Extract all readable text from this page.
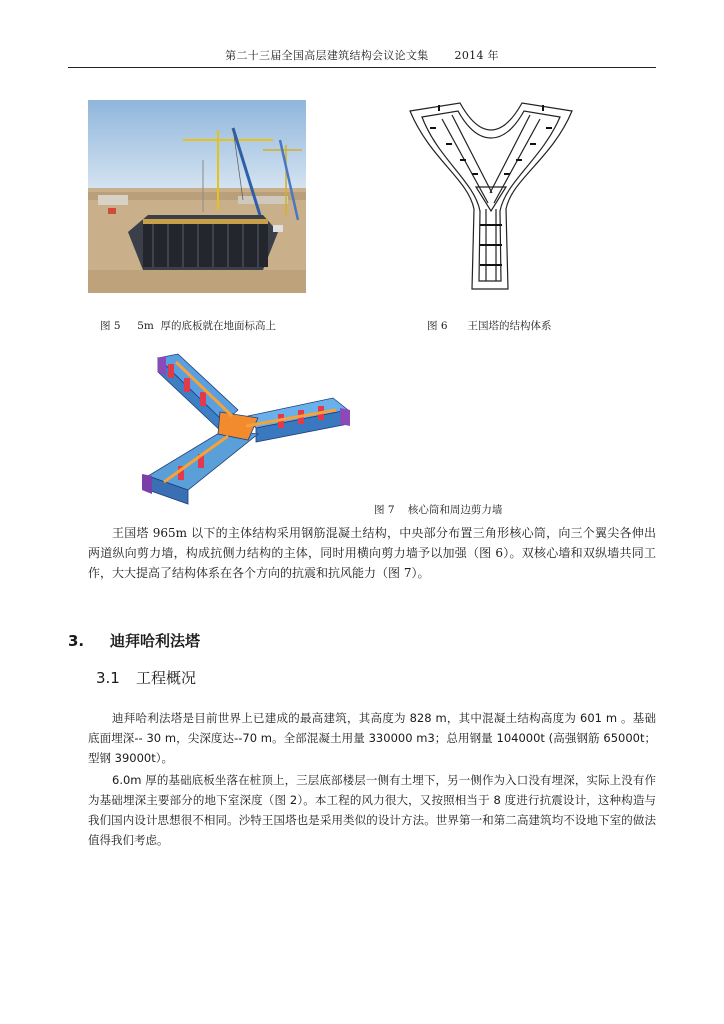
第二十三届全国高层建筑结构会议论文集 2014 年
图 5     5m  厚的底板就在地面标高上	图 6      王国塔的结构体系
图 7    核心筒和周边剪力墙

王国塔 965m 以下的主体结构采用钢筋混凝土结构，中央部分布置三角形核心筒，向三个翼尖各伸出两道纵向剪力墙，构成抗侧力结构的主体，同时用横向剪力墙予以加强（图 6）。双核心墙和双纵墙共同工作，大大提高了结构体系在各个方向的抗震和抗风能力（图 7）。

3. 迪拜哈利法塔
3.1 工程概况

迪拜哈利法塔是目前世界上已建成的最高建筑，其高度为 828 m，其中混凝土结构高度为 601 m 。基础底面埋深-- 30 m，尖深度达--70 m。全部混凝土用量 330000 m3；总用钢量 104000t (高强钢筋 65000t；型钢 39000t）。

6.0m 厚的基础底板坐落在桩顶上，三层底部楼层一侧有土埋下，另一侧作为入口没有埋深，实际上没有作为基础埋深主要部分的地下室深度（图 2）。本工程的风力很大，又按照相当于 8 度进行抗震设计，这种构造与我们国内设计思想很不相同。沙特王国塔也是采用类似的设计方法。世界第一和第二高建筑均不设地下室的做法值得我们考虑。
